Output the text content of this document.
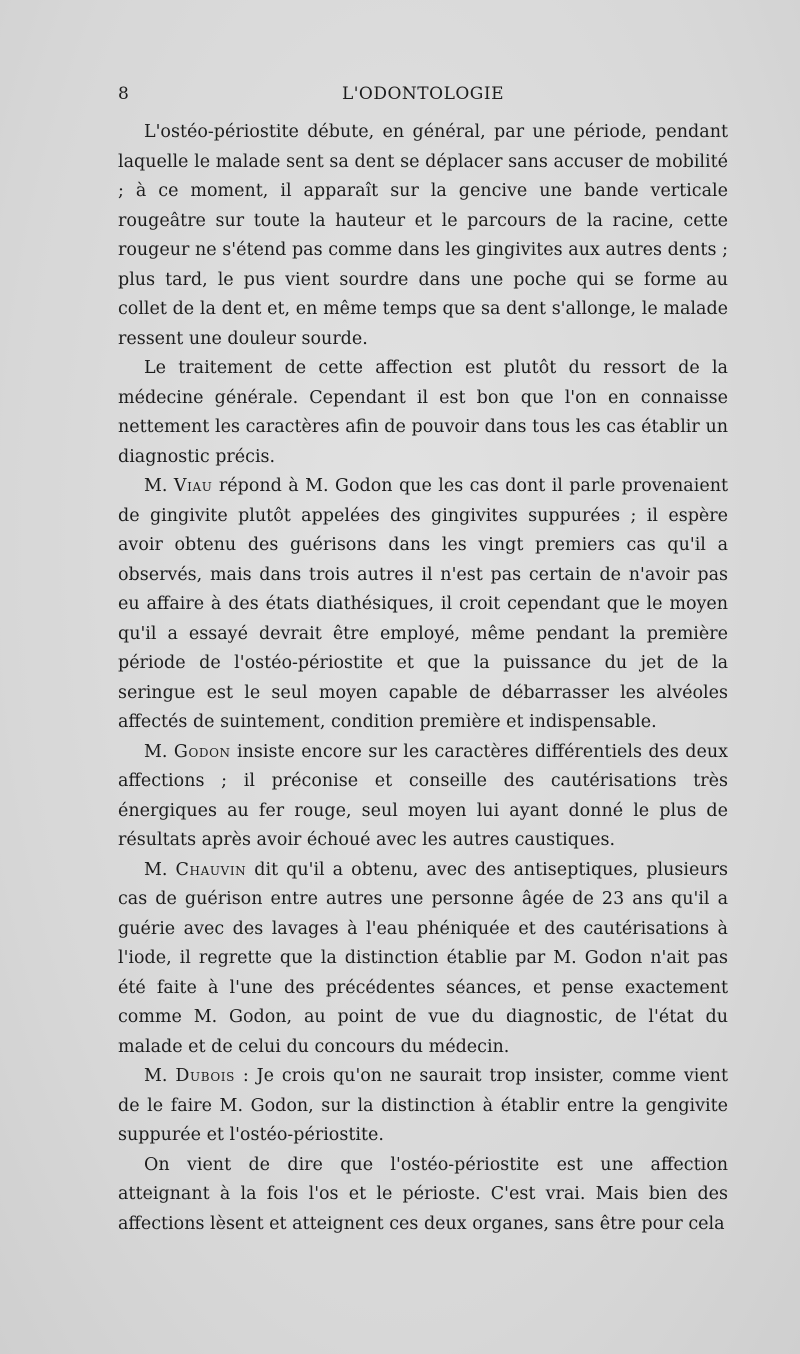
8	L'ODONTOLOGIE

L'ostéo-périostite débute, en général, par une période, pendant laquelle le malade sent sa dent se déplacer sans accuser de mobilité ; à ce moment, il apparaît sur la gencive une bande verticale rougeâtre sur toute la hauteur et le parcours de la racine, cette rougeur ne s'étend pas comme dans les gingivites aux autres dents ; plus tard, le pus vient sourdre dans une poche qui se forme au collet de la dent et, en même temps que sa dent s'allonge, le malade ressent une douleur sourde.

Le traitement de cette affection est plutôt du ressort de la médecine générale. Cependant il est bon que l'on en connaisse nettement les caractères afin de pouvoir dans tous les cas établir un diagnostic précis.

M. Viau répond à M. Godon que les cas dont il parle provenaient de gingivite plutôt appelées des gingivites suppurées ; il espère avoir obtenu des guérisons dans les vingt premiers cas qu'il a observés, mais dans trois autres il n'est pas certain de n'avoir pas eu affaire à des états diathésiques, il croit cependant que le moyen qu'il a essayé devrait être employé, même pendant la première période de l'ostéo-périostite et que la puissance du jet de la seringue est le seul moyen capable de débarrasser les alvéoles affectés de suintement, condition première et indispensable.

M. Godon insiste encore sur les caractères différentiels des deux affections ; il préconise et conseille des cautérisations très énergiques au fer rouge, seul moyen lui ayant donné le plus de résultats après avoir échoué avec les autres caustiques.

M. Chauvin dit qu'il a obtenu, avec des antiseptiques, plusieurs cas de guérison entre autres une personne âgée de 23 ans qu'il a guérie avec des lavages à l'eau phéniquée et des cautérisations à l'iode, il regrette que la distinction établie par M. Godon n'ait pas été faite à l'une des précédentes séances, et pense exactement comme M. Godon, au point de vue du diagnostic, de l'état du malade et de celui du concours du médecin.

M. Dubois : Je crois qu'on ne saurait trop insister, comme vient de le faire M. Godon, sur la distinction à établir entre la gengivite suppurée et l'ostéo-périostite.

On vient de dire que l'ostéo-périostite est une affection atteignant à la fois l'os et le périoste. C'est vrai. Mais bien des affections lèsent et atteignent ces deux organes, sans être pour cela
